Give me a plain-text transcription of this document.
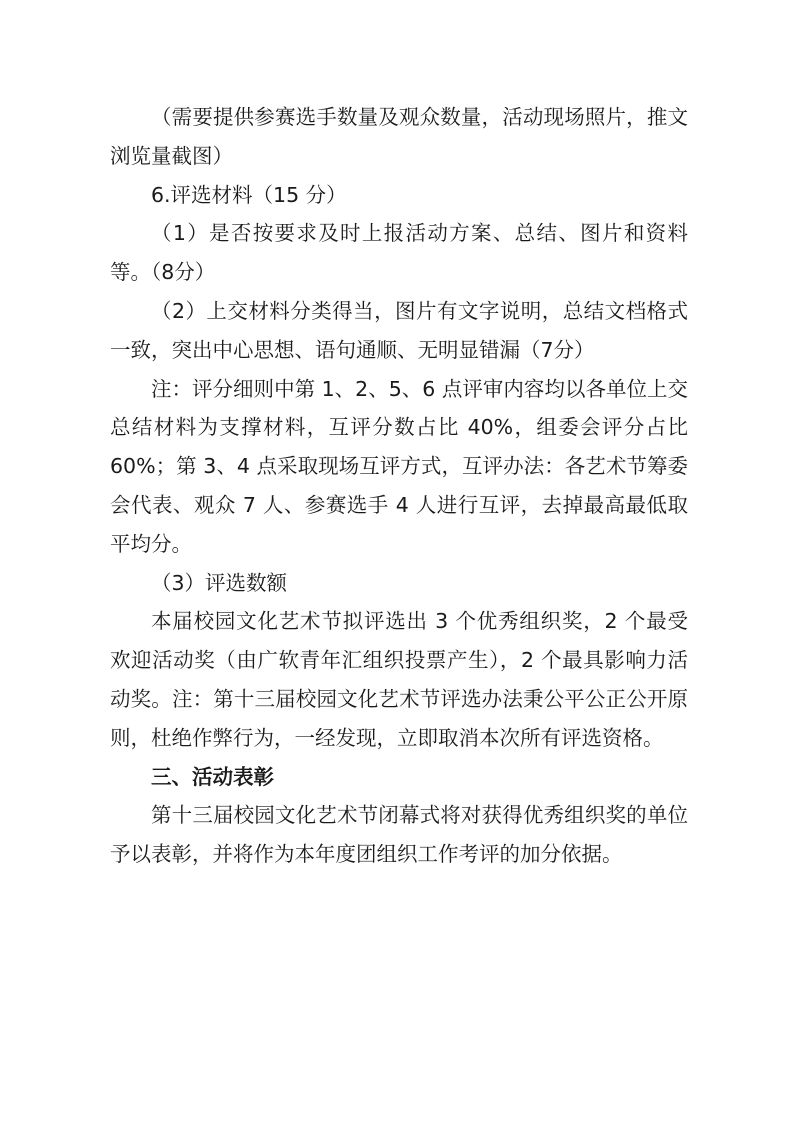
（需要提供参赛选手数量及观众数量，活动现场照片，推文浏览量截图）

6.评选材料（15 分）

（1）是否按要求及时上报活动方案、总结、图片和资料等。（8分）

（2）上交材料分类得当，图片有文字说明，总结文档格式一致，突出中心思想、语句通顺、无明显错漏（7分）

注：评分细则中第 1、2、5、6 点评审内容均以各单位上交总结材料为支撑材料，互评分数占比 40%，组委会评分占比 60%；第 3、4 点采取现场互评方式，互评办法：各艺术节筹委会代表、观众 7 人、参赛选手 4 人进行互评，去掉最高最低取平均分。

（3）评选数额

本届校园文化艺术节拟评选出 3 个优秀组织奖，2 个最受欢迎活动奖（由广软青年汇组织投票产生），2 个最具影响力活动奖。注：第十三届校园文化艺术节评选办法秉公平公正公开原则，杜绝作弊行为，一经发现，立即取消本次所有评选资格。

三、活动表彰

第十三届校园文化艺术节闭幕式将对获得优秀组织奖的单位予以表彰，并将作为本年度团组织工作考评的加分依据。
